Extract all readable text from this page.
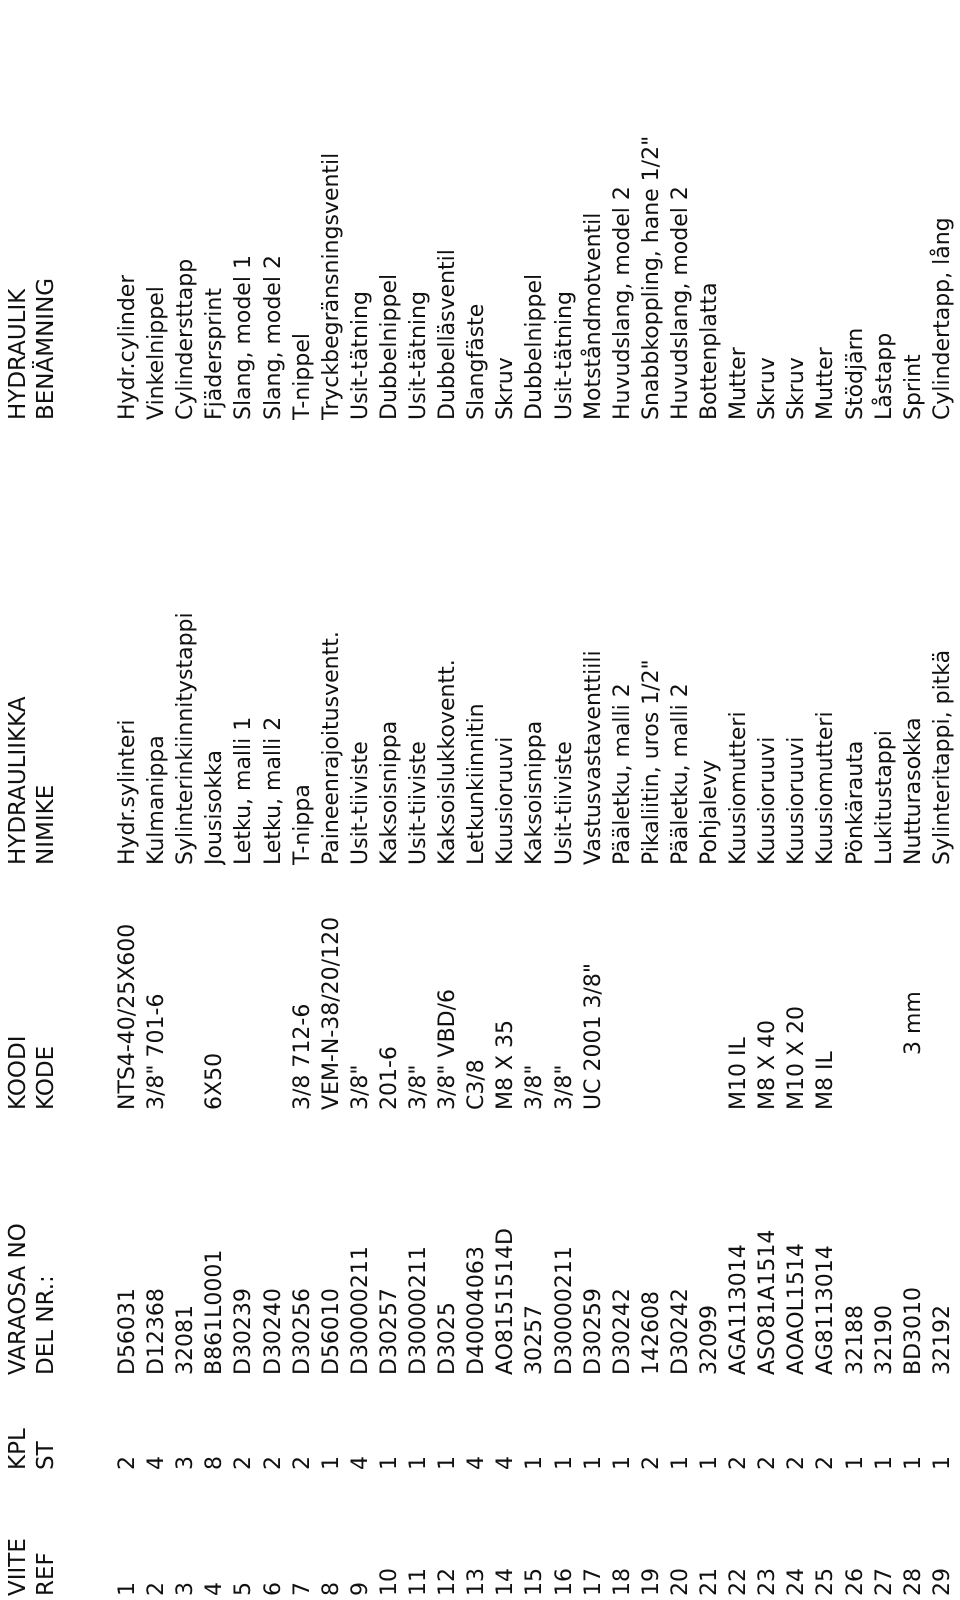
VIITE
KPL
VARAOSA NO
KOODI
HYDRAULIIKKA
HYDRAULIK
REF
ST
DEL NR.:
KODE
NIMIKE
BENÄMNING
1
2
D56031
NTS4-40/25X600
Hydr.sylinteri
Hydr.cylinder
2
4
D12368
3/8" 701-6
Kulmanippa
Vinkelnippel
3
3
32081
Sylinterinkiinnitystappi
Cylindersttapp
4
8
B861L0001
6X50
Jousisokka
Fjädersprint
5
2
D30239
Letku, malli 1
Slang, model 1
6
2
D30240
Letku, malli 2
Slang, model 2
7
2
D30256
3/8 712-6
T-nippa
T-nippel
8
1
D56010
VEM-N-38/20/120
Paineenrajoitusventt.
Tryckbegränsningsventil
9
4
D30000211
3/8"
Usit-tiiviste
Usit-tätning
10
1
D30257
201-6
Kaksoisnippa
Dubbelnippel
11
1
D30000211
3/8"
Usit-tiiviste
Usit-tätning
12
1
D3025
3/8" VBD/6
Kaksoislukkoventt.
Dubbelläsventil
13
4
D40004063
C3/8
Letkunkiinnitin
Slangfäste
14
4
AO8151514D
M8 X 35
Kuusioruuvi
Skruv
15
1
30257
3/8"
Kaksoisnippa
Dubbelnippel
16
1
D30000211
3/8"
Usit-tiiviste
Usit-tätning
17
1
D30259
UC 2001 3/8"
Vastusvastaventtiili
Motståndmotventil
18
1
D30242
Pääletku, malli 2
Huvudslang, model 2
19
2
142608
Pikaliitin, uros 1/2"
Snabbkoppling, hane 1/2"
20
1
D30242
Pääletku, malli 2
Huvudslang, model 2
21
1
32099
Pohjalevy
Bottenplatta
22
2
AGA113014
M10 IL
Kuusiomutteri
Mutter
23
2
ASO81A1514
M8 X 40
Kuusioruuvi
Skruv
24
2
AOAOL1514
M10 X 20
Kuusioruuvi
Skruv
25
2
AG8113014
M8 IL
Kuusiomutteri
Mutter
26
1
32188
Pönkärauta
Stödjärn
27
1
32190
Lukitustappi
Låstapp
28
1
BD3010
3 mm
Nutturasokka
Sprint
29
1
32192
Sylinteritappi, pitkä
Cylindertapp, lång
